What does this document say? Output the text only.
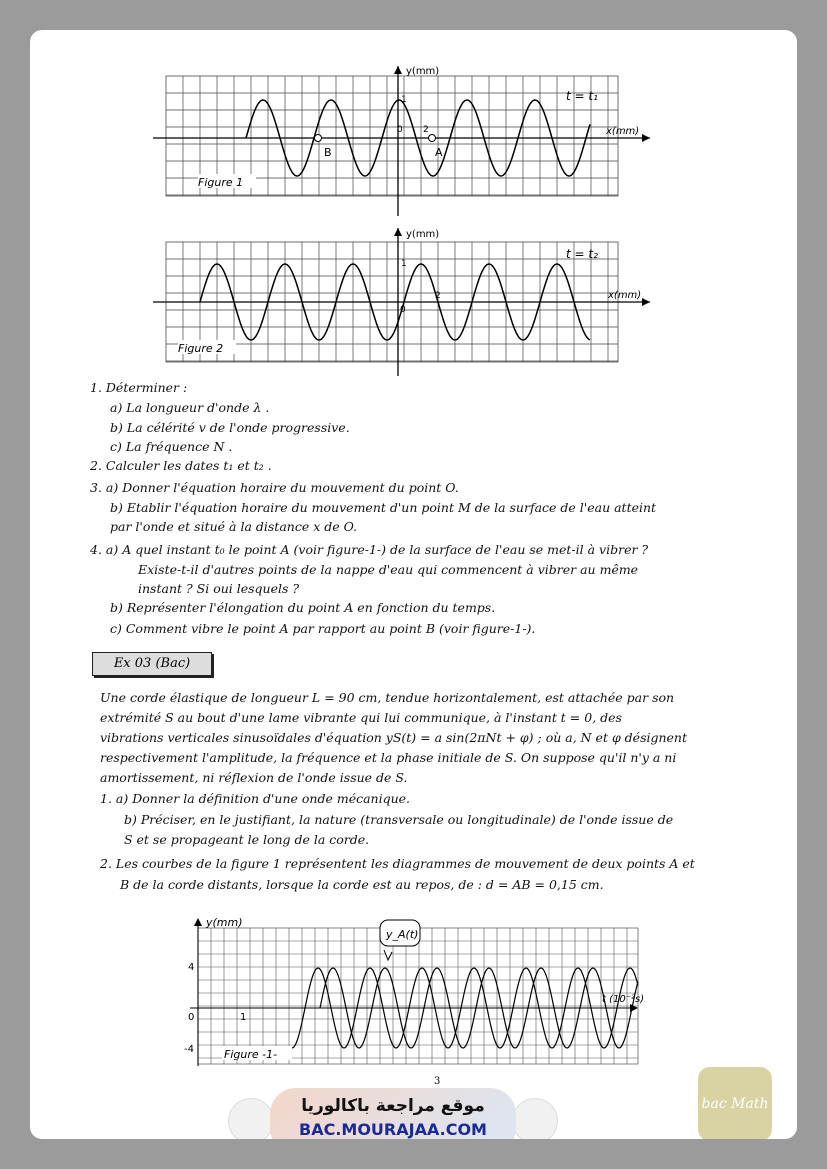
y(mm)
x(mm)
t = t₁
1
0 2
B	A
Figure 1
y(mm)
x(mm)
t = t₂
1
0
2
Figure 2
1. Déterminer :
a) La longueur d'onde λ .
b) La célérité v de l'onde progressive.
c) La fréquence N .
2. Calculer les dates t₁ et t₂ .
3. a) Donner l'équation horaire du mouvement du point O.
b) Etablir l'équation horaire du mouvement d'un point M de la surface de l'eau atteint
par l'onde et situé à la distance x de O.
4. a) A quel instant t₀ le point A (voir figure-1-) de la surface de l'eau se met-il à vibrer ?
Existe-t-il d'autres points de la nappe d'eau qui commencent à vibrer au même
instant ? Si oui lesquels ?
b) Représenter l'élongation du point A en fonction du temps.
c) Comment vibre le point A par rapport au point B (voir figure-1-).
Ex 03 (Bac)
Une corde élastique de longueur L = 90 cm, tendue horizontalement, est attachée par son
extrémité S au bout d'une lame vibrante qui lui communique, à l'instant t = 0, des
vibrations verticales sinusoïdales d'équation yS(t) = a sin(2πNt + φ) ; où a, N et φ désignent
respectivement l'amplitude, la fréquence et la phase initiale de S. On suppose qu'il n'y a ni
amortissement, ni réflexion de l'onde issue de S.
1. a) Donner la définition d'une onde mécanique.
b) Préciser, en le justifiant, la nature (transversale ou longitudinale) de l'onde issue de
S et se propageant le long de la corde.
2. Les courbes de la figure 1 représentent les diagrammes de mouvement de deux points A et
B de la corde distants, lorsque la corde est au repos, de : d = AB = 0,15 cm.
y_A(t)
y(mm)
t (10⁻²s)
4
-4
0	1
Figure -1-
3
موقع مراجعة باكالوريا
BAC.MOURAJAA.COM
bac Math
